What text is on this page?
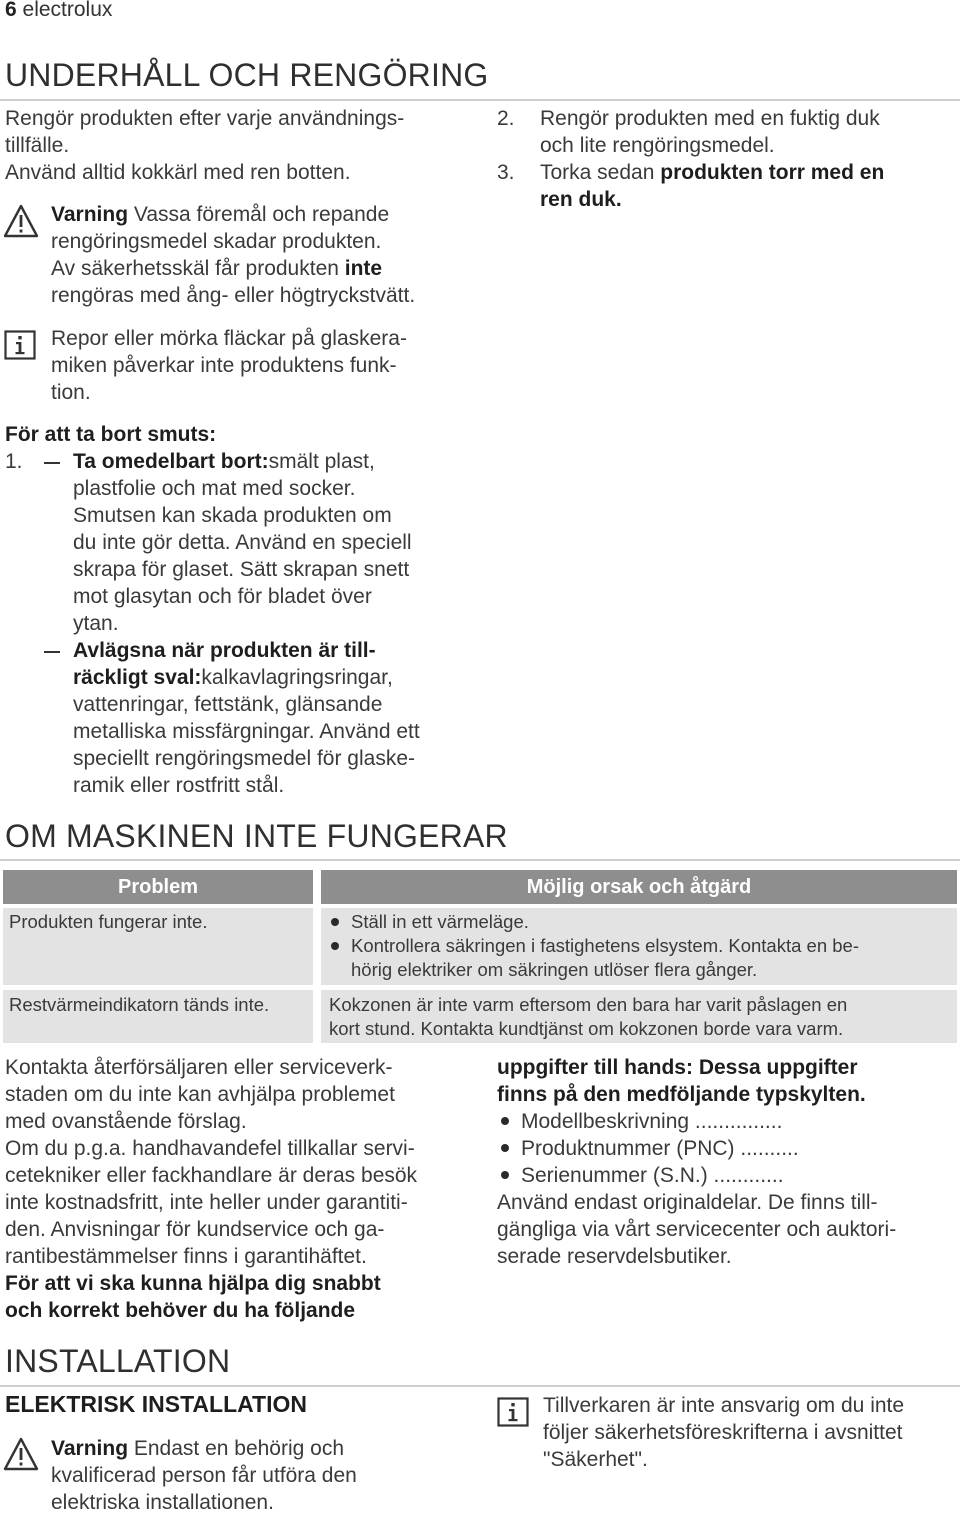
6 electrolux
UNDERHÅLL OCH RENGÖRING
Rengör produkten efter varje användnings-
tillfälle.
Använd alltid kokkärl med ren botten.
Varning Vassa föremål och repande
rengöringsmedel skadar produkten.
Av säkerhetsskäl får produkten inte
rengöras med ång- eller högtryckstvätt.
Repor eller mörka fläckar på glaskera-
miken påverkar inte produktens funk-
tion.
För att ta bort smuts:
1. Ta omedelbart bort:smält plast,
plastfolie och mat med socker.
Smutsen kan skada produkten om
du inte gör detta. Använd en speciell
skrapa för glaset. Sätt skrapan snett
mot glasytan och för bladet över
ytan.
Avlägsna när produkten är till-
räckligt sval:kalkavlagringsringar,
vattenringar, fettstänk, glänsande
metalliska missfärgningar. Använd ett
speciellt rengöringsmedel för glaske-
ramik eller rostfritt stål.
2. Rengör produkten med en fuktig duk
och lite rengöringsmedel.
3. Torka sedan produkten torr med en
ren duk.
OM MASKINEN INTE FUNGERAR
Problem	Möjlig orsak och åtgärd
Produkten fungerar inte.	Ställ in ett värmeläge.
Kontrollera säkringen i fastighetens elsystem. Kontakta en be-
hörig elektriker om säkringen utlöser flera gånger.
Restvärmeindikatorn tänds inte.	Kokzonen är inte varm eftersom den bara har varit påslagen en
kort stund. Kontakta kundtjänst om kokzonen borde vara varm.
Kontakta återförsäljaren eller serviceverk-
staden om du inte kan avhjälpa problemet
med ovanstående förslag.
Om du p.g.a. handhavandefel tillkallar servi-
cetekniker eller fackhandlare är deras besök
inte kostnadsfritt, inte heller under garantiti-
den. Anvisningar för kundservice och ga-
rantibestämmelser finns i garantihäftet.
För att vi ska kunna hjälpa dig snabbt
och korrekt behöver du ha följande
uppgifter till hands: Dessa uppgifter
finns på den medföljande typskylten.
Modellbeskrivning ...............
Produktnummer (PNC) ..........
Serienummer (S.N.) ............
Använd endast originaldelar. De finns till-
gängliga via vårt servicecenter och auktori-
serade reservdelsbutiker.
INSTALLATION
ELEKTRISK INSTALLATION
Varning Endast en behörig och
kvalificerad person får utföra den
elektriska installationen.
Tillverkaren är inte ansvarig om du inte
följer säkerhetsföreskrifterna i avsnittet
"Säkerhet".
